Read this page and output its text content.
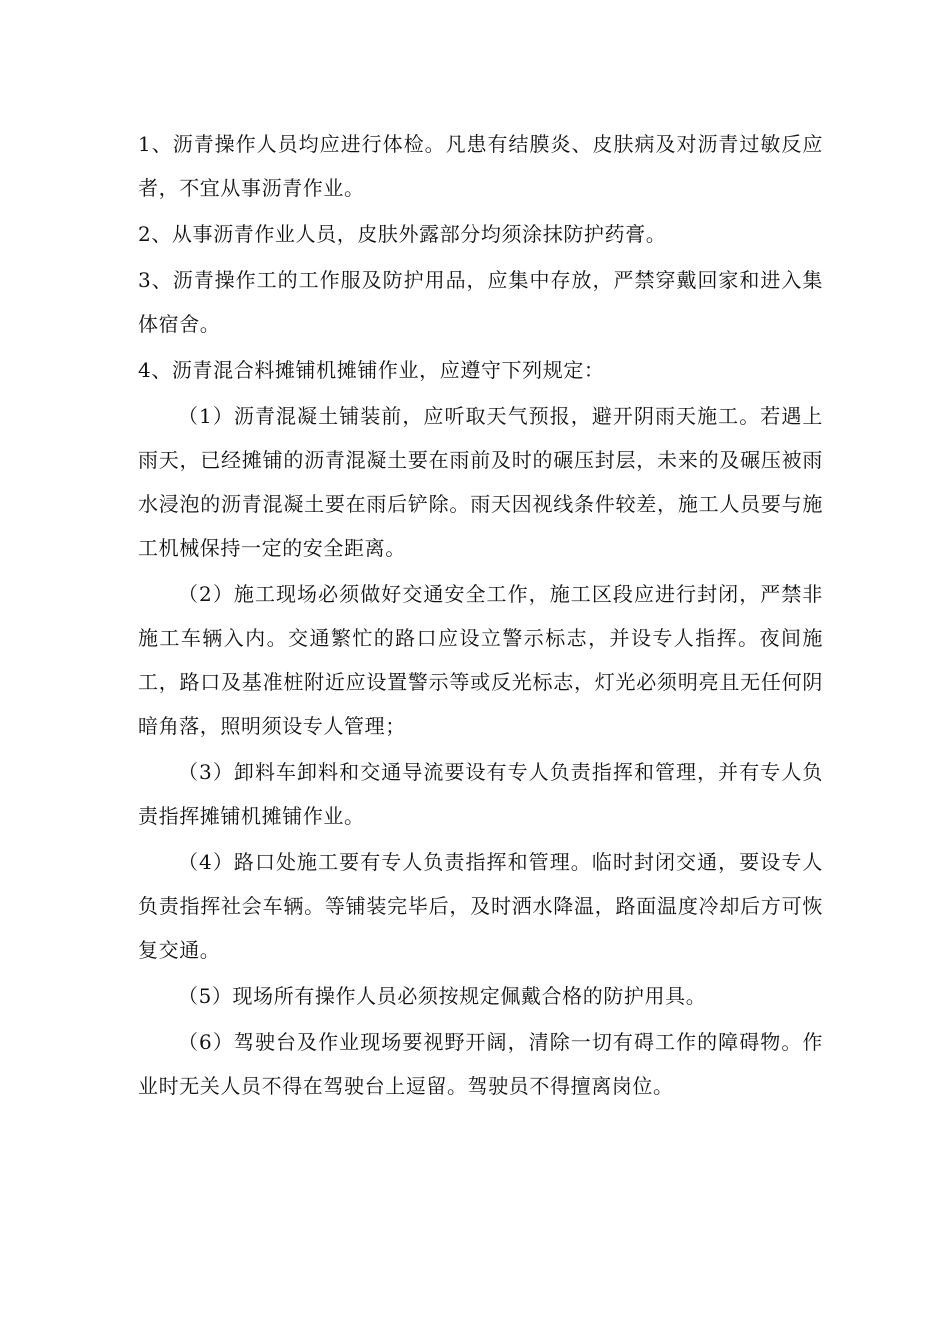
1、沥青操作人员均应进行体检。凡患有结膜炎、皮肤病及对沥青过敏反应者，不宜从事沥青作业。

2、从事沥青作业人员，皮肤外露部分均须涂抹防护药膏。

3、沥青操作工的工作服及防护用品，应集中存放，严禁穿戴回家和进入集体宿舍。

4、沥青混合料摊铺机摊铺作业，应遵守下列规定：

（1）沥青混凝土铺装前，应听取天气预报，避开阴雨天施工。若遇上雨天，已经摊铺的沥青混凝土要在雨前及时的碾压封层，未来的及碾压被雨水浸泡的沥青混凝土要在雨后铲除。雨天因视线条件较差，施工人员要与施工机械保持一定的安全距离。

（2）施工现场必须做好交通安全工作，施工区段应进行封闭，严禁非施工车辆入内。交通繁忙的路口应设立警示标志，并设专人指挥。夜间施工，路口及基准桩附近应设置警示等或反光标志，灯光必须明亮且无任何阴暗角落，照明须设专人管理；

（3）卸料车卸料和交通导流要设有专人负责指挥和管理，并有专人负责指挥摊铺机摊铺作业。

（4）路口处施工要有专人负责指挥和管理。临时封闭交通，要设专人负责指挥社会车辆。等铺装完毕后，及时洒水降温，路面温度冷却后方可恢复交通。

（5）现场所有操作人员必须按规定佩戴合格的防护用具。

（6）驾驶台及作业现场要视野开阔，清除一切有碍工作的障碍物。作业时无关人员不得在驾驶台上逗留。驾驶员不得擅离岗位。
